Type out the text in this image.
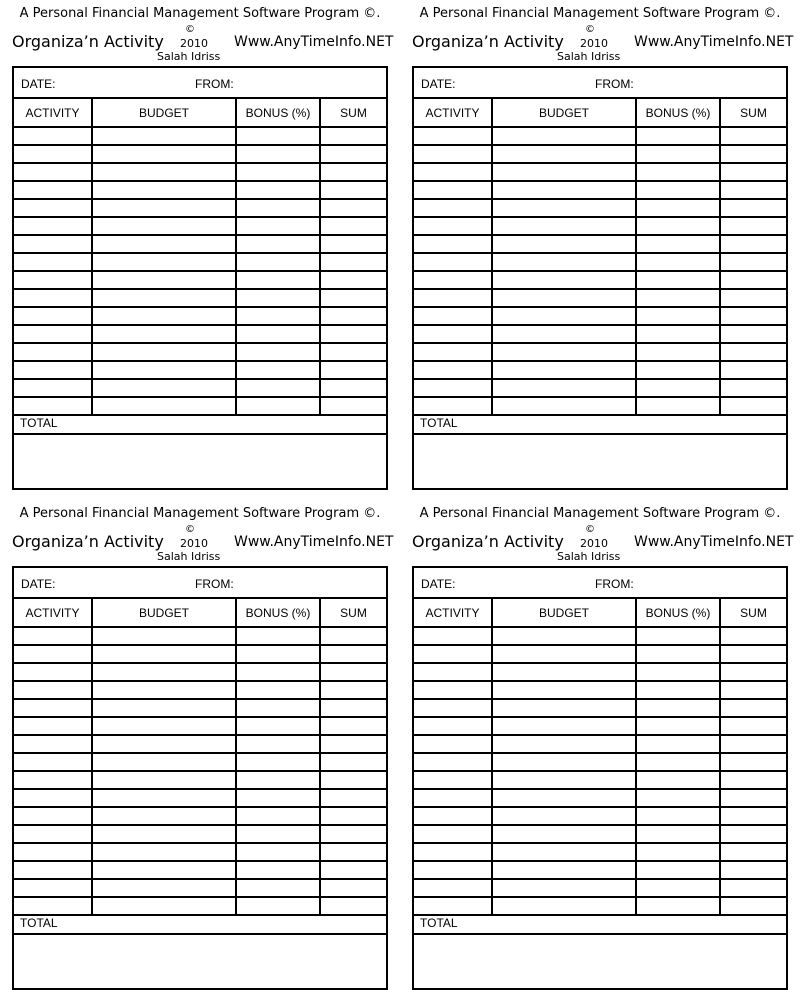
A Personal Financial Management Software Program ©.
Organiza’n Activity
©
2010
Salah Idriss
Www.AnyTimeInfo.NET
DATE:	FROM:
ACTIVITY	BUDGET	BONUS (%)	SUM

TOTAL			

A Personal Financial Management Software Program ©.
Organiza’n Activity
©
2010
Salah Idriss
Www.AnyTimeInfo.NET
DATE:	FROM:
ACTIVITY	BUDGET	BONUS (%)	SUM

TOTAL			

A Personal Financial Management Software Program ©.
Organiza’n Activity
©
2010
Salah Idriss
Www.AnyTimeInfo.NET
DATE:	FROM:
ACTIVITY	BUDGET	BONUS (%)	SUM

TOTAL			

A Personal Financial Management Software Program ©.
Organiza’n Activity
©
2010
Salah Idriss
Www.AnyTimeInfo.NET
DATE:	FROM:
ACTIVITY	BUDGET	BONUS (%)	SUM

TOTAL			
